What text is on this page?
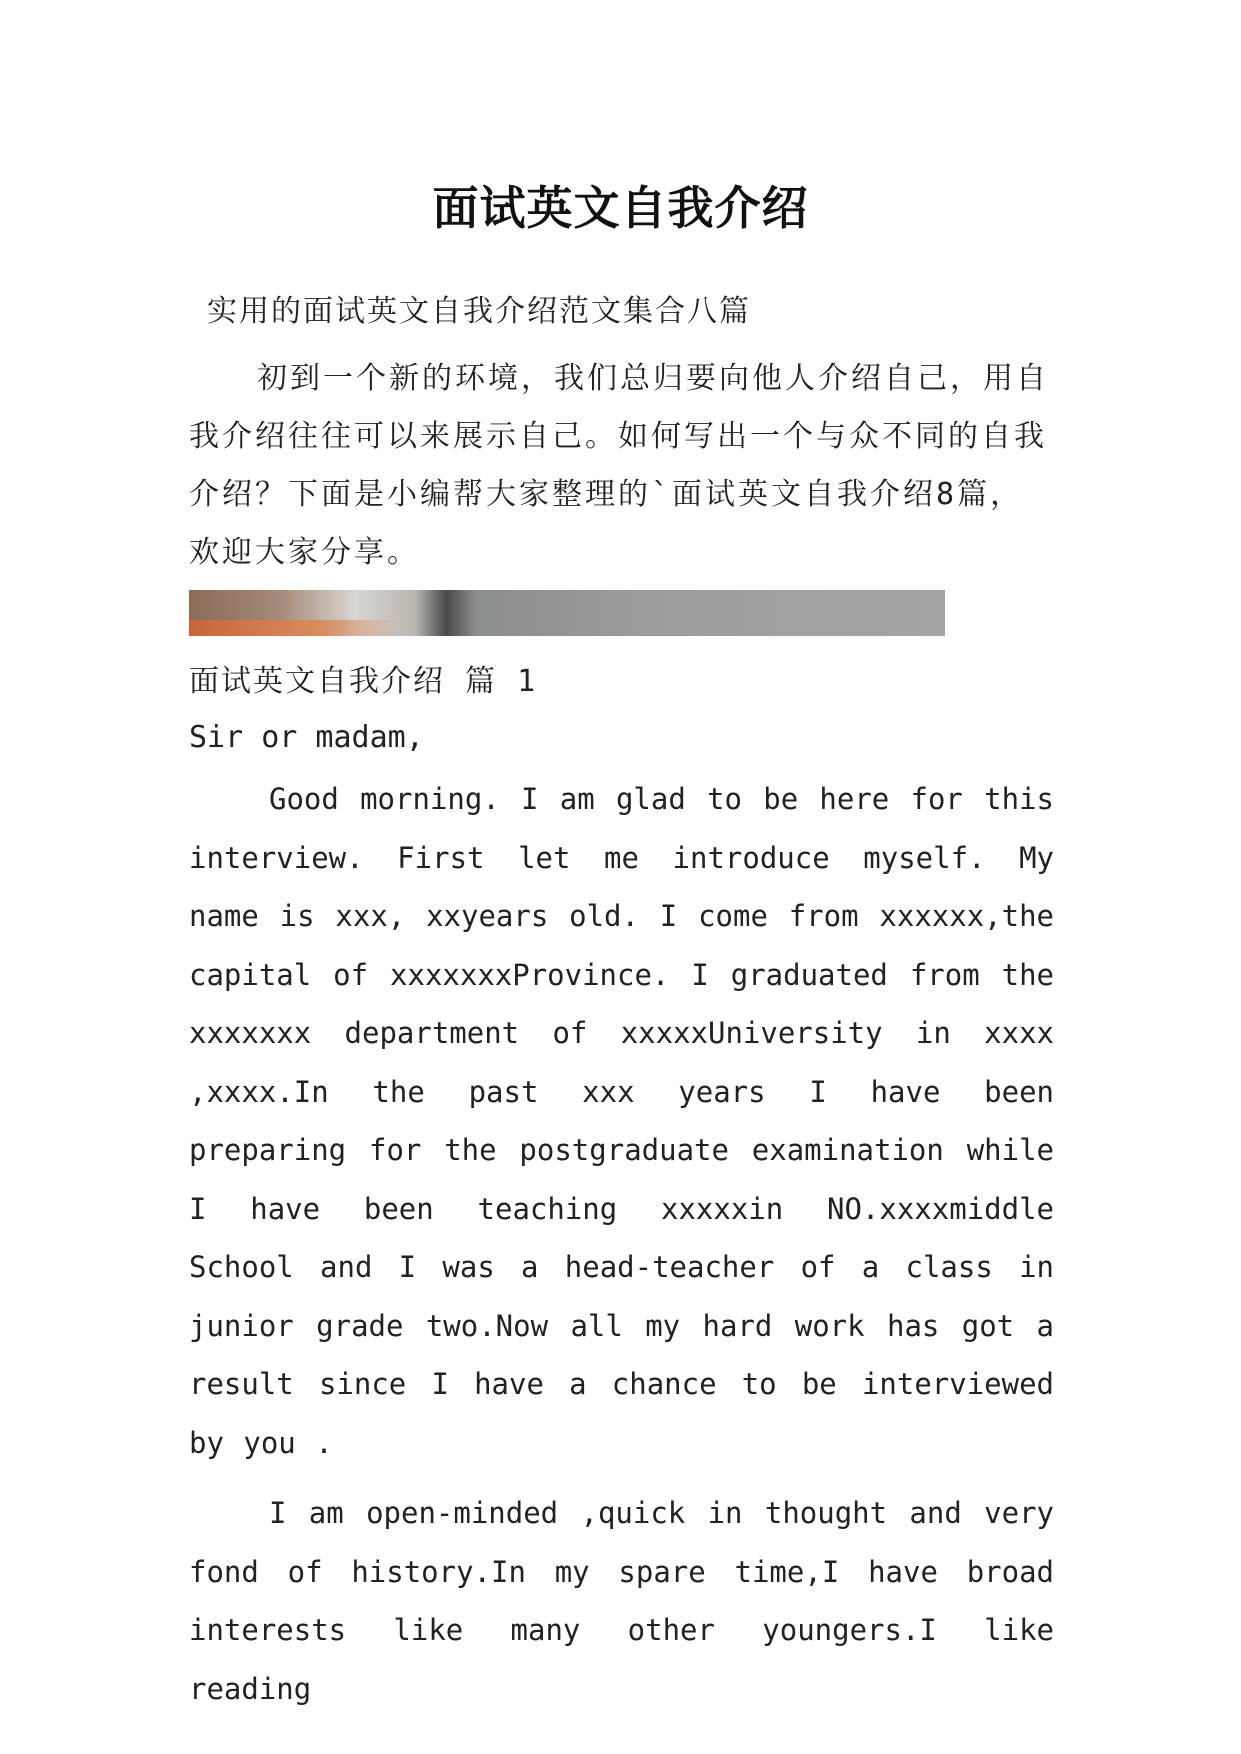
面试英文自我介绍

实用的面试英文自我介绍范文集合八篇

初到一个新的环境，我们总归要向他人介绍自己，用自我介绍往往可以来展示自己。如何写出一个与众不同的自我介绍？下面是小编帮大家整理的`面试英文自我介绍8篇，欢迎大家分享。

面试英文自我介绍 篇 1

Sir or madam,

Good morning. I am glad to be here for this interview. First let me introduce myself. My name is xxx, xxyears old. I come from xxxxxx,the capital of xxxxxxxProvince. I graduated from the xxxxxxx department of xxxxxUniversity in xxxx ,xxxx.In the past xxx years I have been preparing for the postgraduate examination while I have been teaching xxxxxin NO.xxxxmiddle School and I was a head-teacher of a class in junior grade two.Now all my hard work has got a result since I have a chance to be interviewed by you .

I am open-minded ,quick in thought and very fond of history.In my spare time,I have broad interests like many other youngers.I like reading
